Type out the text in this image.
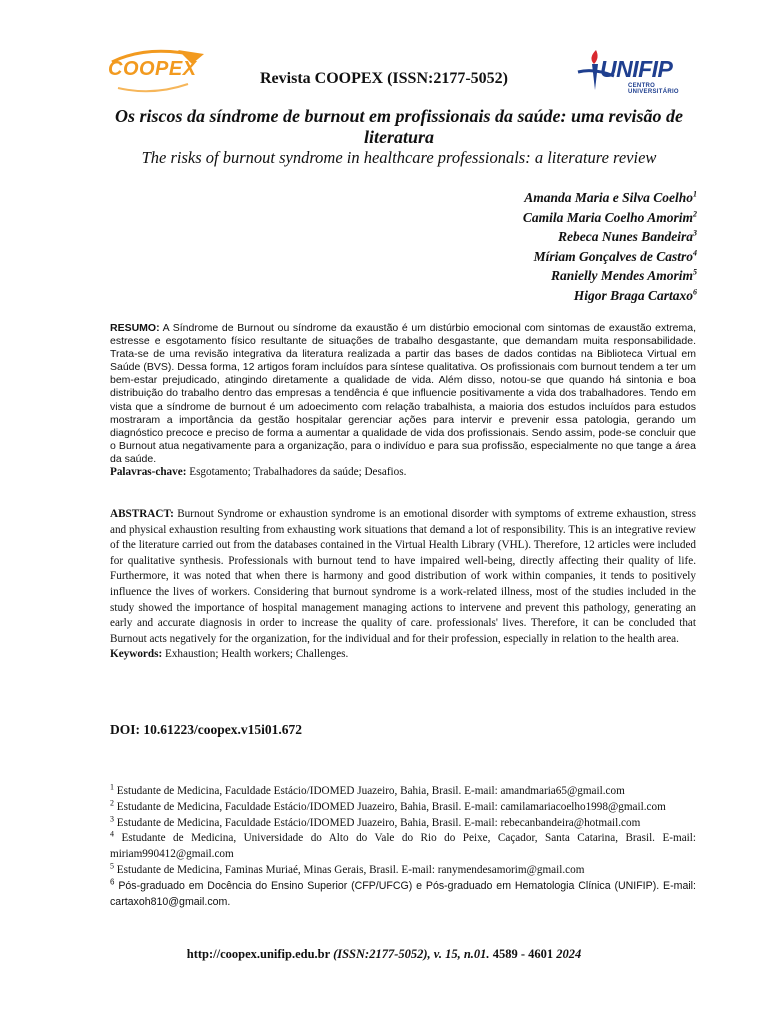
COOPEX	Revista COOPEX (ISSN:2177-5052)	UNIFIP
CENTRO UNIVERSITÁRIO
Os riscos da síndrome de burnout em profissionais da saúde: uma revisão de literatura
The risks of burnout syndrome in healthcare professionals: a literature review
Amanda Maria e Silva Coelho$^1$
Camila Maria Coelho Amorim$^2$
Rebeca Nunes Bandeira$^3$
Míriam Gonçalves de Castro$^4$
Ranielly Mendes Amorim$^5$
Higor Braga Cartaxo$^6$
RESUMO: A Síndrome de Burnout ou síndrome da exaustão é um distúrbio emocional com sintomas de exaustão extrema, estresse e esgotamento físico resultante de situações de trabalho desgastante, que demandam muita responsabilidade. Trata-se de uma revisão integrativa da literatura realizada a partir das bases de dados contidas na Biblioteca Virtual em Saúde (BVS). Dessa forma, 12 artigos foram incluídos para síntese qualitativa. Os profissionais com burnout tendem a ter um bem-estar prejudicado, atingindo diretamente a qualidade de vida. Além disso, notou-se que quando há sintonia e boa distribuição do trabalho dentro das empresas a tendência é que influencie positivamente a vida dos trabalhadores. Tendo em vista que a síndrome de burnout é um adoecimento com relação trabalhista, a maioria dos estudos incluídos para estudos mostraram a importância da gestão hospitalar gerenciar ações para intervir e prevenir essa patologia, gerando um diagnóstico precoce e preciso de forma a aumentar a qualidade de vida dos profissionais. Sendo assim, pode-se concluir que o Burnout atua negativamente para a organização, para o indivíduo e para sua profissão, especialmente no que tange a área da saúde.
Palavras-chave: Esgotamento; Trabalhadores da saúde; Desafios.
ABSTRACT: Burnout Syndrome or exhaustion syndrome is an emotional disorder with symptoms of extreme exhaustion, stress and physical exhaustion resulting from exhausting work situations that demand a lot of responsibility. This is an integrative review of the literature carried out from the databases contained in the Virtual Health Library (VHL). Therefore, 12 articles were included for qualitative synthesis. Professionals with burnout tend to have impaired well-being, directly affecting their quality of life. Furthermore, it was noted that when there is harmony and good distribution of work within companies, it tends to positively influence the lives of workers. Considering that burnout syndrome is a work-related illness, most of the studies included in the study showed the importance of hospital management managing actions to intervene and prevent this pathology, generating an early and accurate diagnosis in order to increase the quality of care. professionals' lives. Therefore, it can be concluded that Burnout acts negatively for the organization, for the individual and for their profession, especially in relation to the health area.
Keywords: Exhaustion; Health workers; Challenges.
DOI: 10.61223/coopex.v15i01.672

$^1$ Estudante de Medicina, Faculdade Estácio/IDOMED Juazeiro, Bahia, Brasil. E-mail: amandmaria65@gmail.com

$^2$ Estudante de Medicina, Faculdade Estácio/IDOMED Juazeiro, Bahia, Brasil. E-mail: camilamariacoelho1998@gmail.com

$^3$ Estudante de Medicina, Faculdade Estácio/IDOMED Juazeiro, Bahia, Brasil. E-mail: rebecanbandeira@hotmail.com

$^4$ Estudante de Medicina, Universidade do Alto do Vale do Rio do Peixe, Caçador, Santa Catarina, Brasil. E-mail: miriam990412@gmail.com

$^5$ Estudante de Medicina, Faminas Muriaé, Minas Gerais, Brasil. E-mail: ranymendesamorim@gmail.com

$^6$ Pós-graduado em Docência do Ensino Superior (CFP/UFCG) e Pós-graduado em Hematologia Clínica (UNIFIP). E-mail: cartaxoh810@gmail.com.

http://coopex.unifip.edu.br (ISSN:2177-5052), v. 15, n.01. 4589 - 4601 2024
